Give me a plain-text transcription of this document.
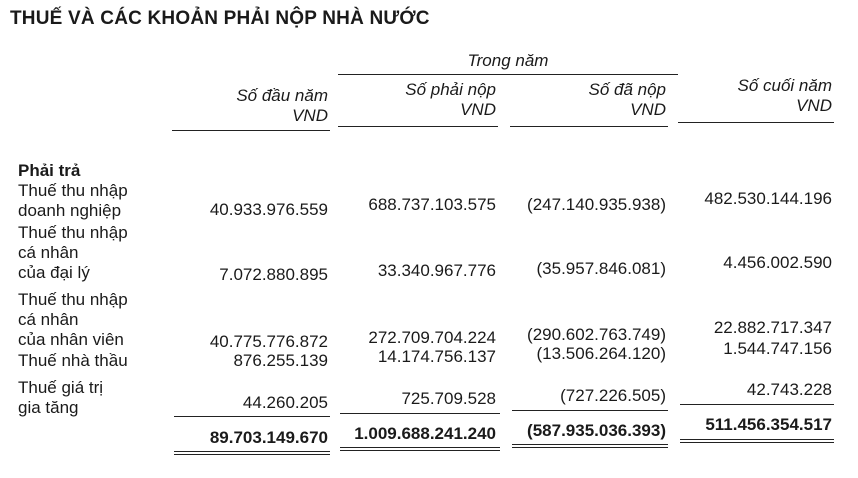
THUẾ VÀ CÁC KHOẢN PHẢI NỘP NHÀ NƯỚC
Trong năm
Số đầu năm
VND
Số phải nộp
VND
Số đã nộp
VND
Số cuối năm
VND
Phải trả
Thuế thu nhập
doanh nghiệp	40.933.976.559	688.737.103.575	(247.140.935.938)	482.530.144.196
Thuế thu nhập
cá nhân
của đại lý	7.072.880.895	33.340.967.776	(35.957.846.081)	4.456.002.590
Thuế thu nhập
cá nhân
của nhân viên	40.775.776.872	272.709.704.224	(290.602.763.749)	22.882.717.347
Thuế nhà thầu	876.255.139	14.174.756.137	(13.506.264.120)	1.544.747.156
Thuế giá trị
gia tăng	44.260.205	725.709.528	(727.226.505)	42.743.228
89.703.149.670	1.009.688.241.240	(587.935.036.393)	511.456.354.517
